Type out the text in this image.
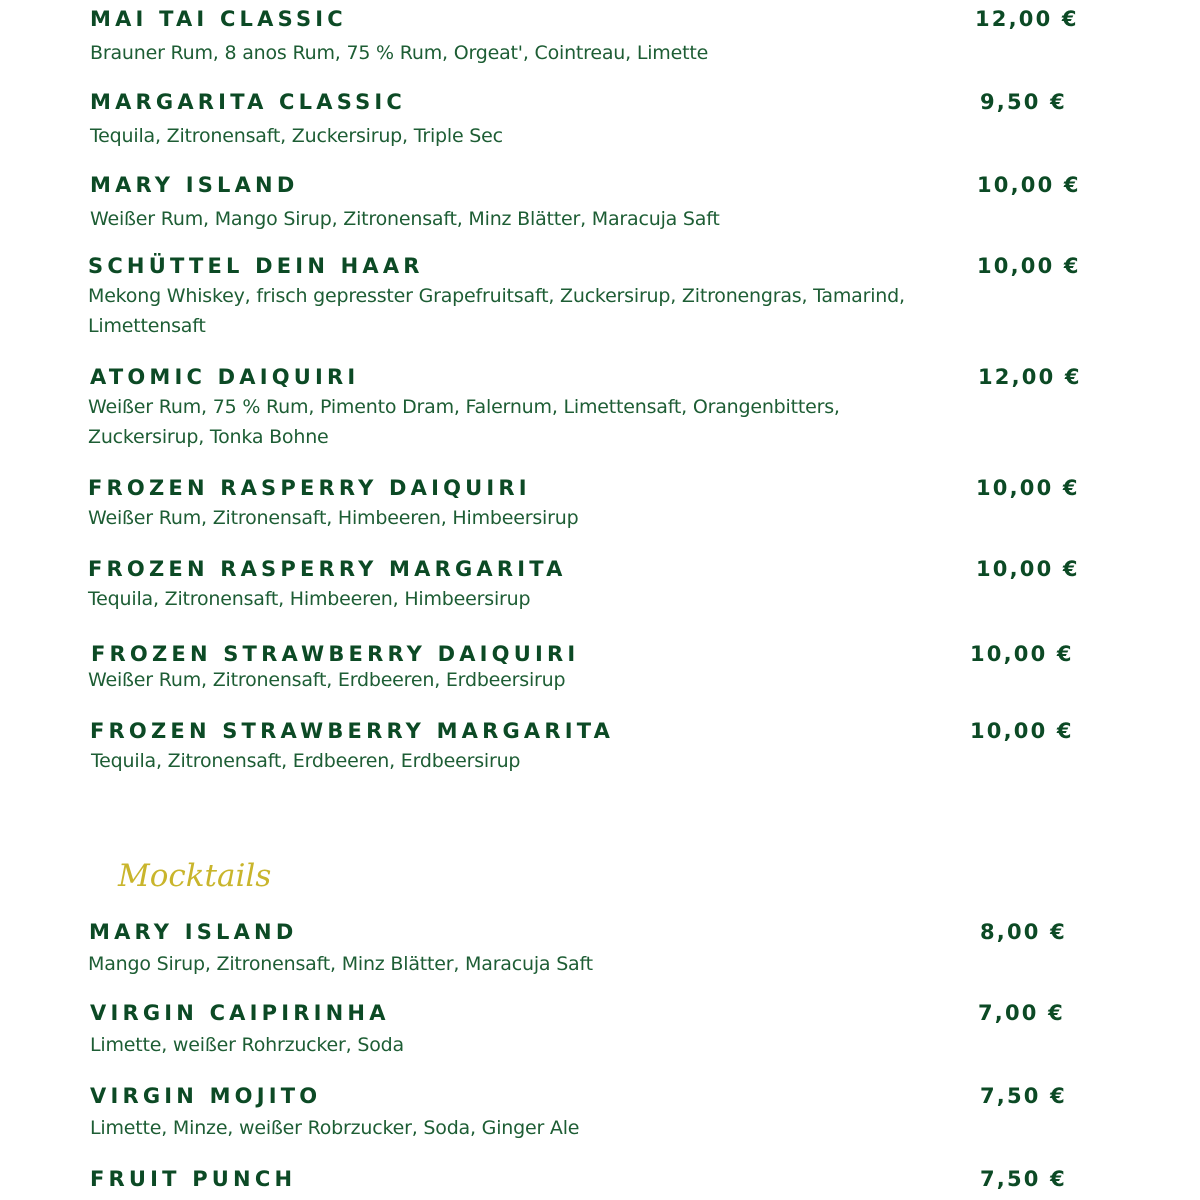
MAI TAI CLASSIC	12,00 €
Brauner Rum, 8 anos Rum, 75 % Rum, Orgeat', Cointreau, Limette
MARGARITA CLASSIC	9,50 €
Tequila, Zitronensaft, Zuckersirup, Triple Sec
MARY ISLAND	10,00 €
Weißer Rum, Mango Sirup, Zitronensaft, Minz Blätter, Maracuja Saft
SCHÜTTEL DEIN HAAR	10,00 €
Mekong Whiskey, frisch gepresster Grapefruitsaft, Zuckersirup, Zitronengras, Tamarind, Limettensaft
ATOMIC DAIQUIRI	12,00 €
Weißer Rum, 75 % Rum, Pimento Dram, Falernum, Limettensaft, Orangenbitters, Zuckersirup, Tonka Bohne
FROZEN RASPERRY DAIQUIRI	10,00 €
Weißer Rum, Zitronensaft, Himbeeren, Himbeersirup
FROZEN RASPERRY MARGARITA	10,00 €
Tequila, Zitronensaft, Himbeeren, Himbeersirup
FROZEN STRAWBERRY DAIQUIRI	10,00 €
Weißer Rum, Zitronensaft, Erdbeeren, Erdbeersirup
FROZEN STRAWBERRY MARGARITA	10,00 €
Tequila, Zitronensaft, Erdbeeren, Erdbeersirup
Mocktails
MARY ISLAND	8,00 €
Mango Sirup, Zitronensaft, Minz Blätter, Maracuja Saft
VIRGIN CAIPIRINHA	7,00 €
Limette, weißer Rohrzucker, Soda
VIRGIN MOJITO	7,50 €
Limette, Minze, weißer Robrzucker, Soda, Ginger Ale
FRUIT PUNCH	7,50 €
